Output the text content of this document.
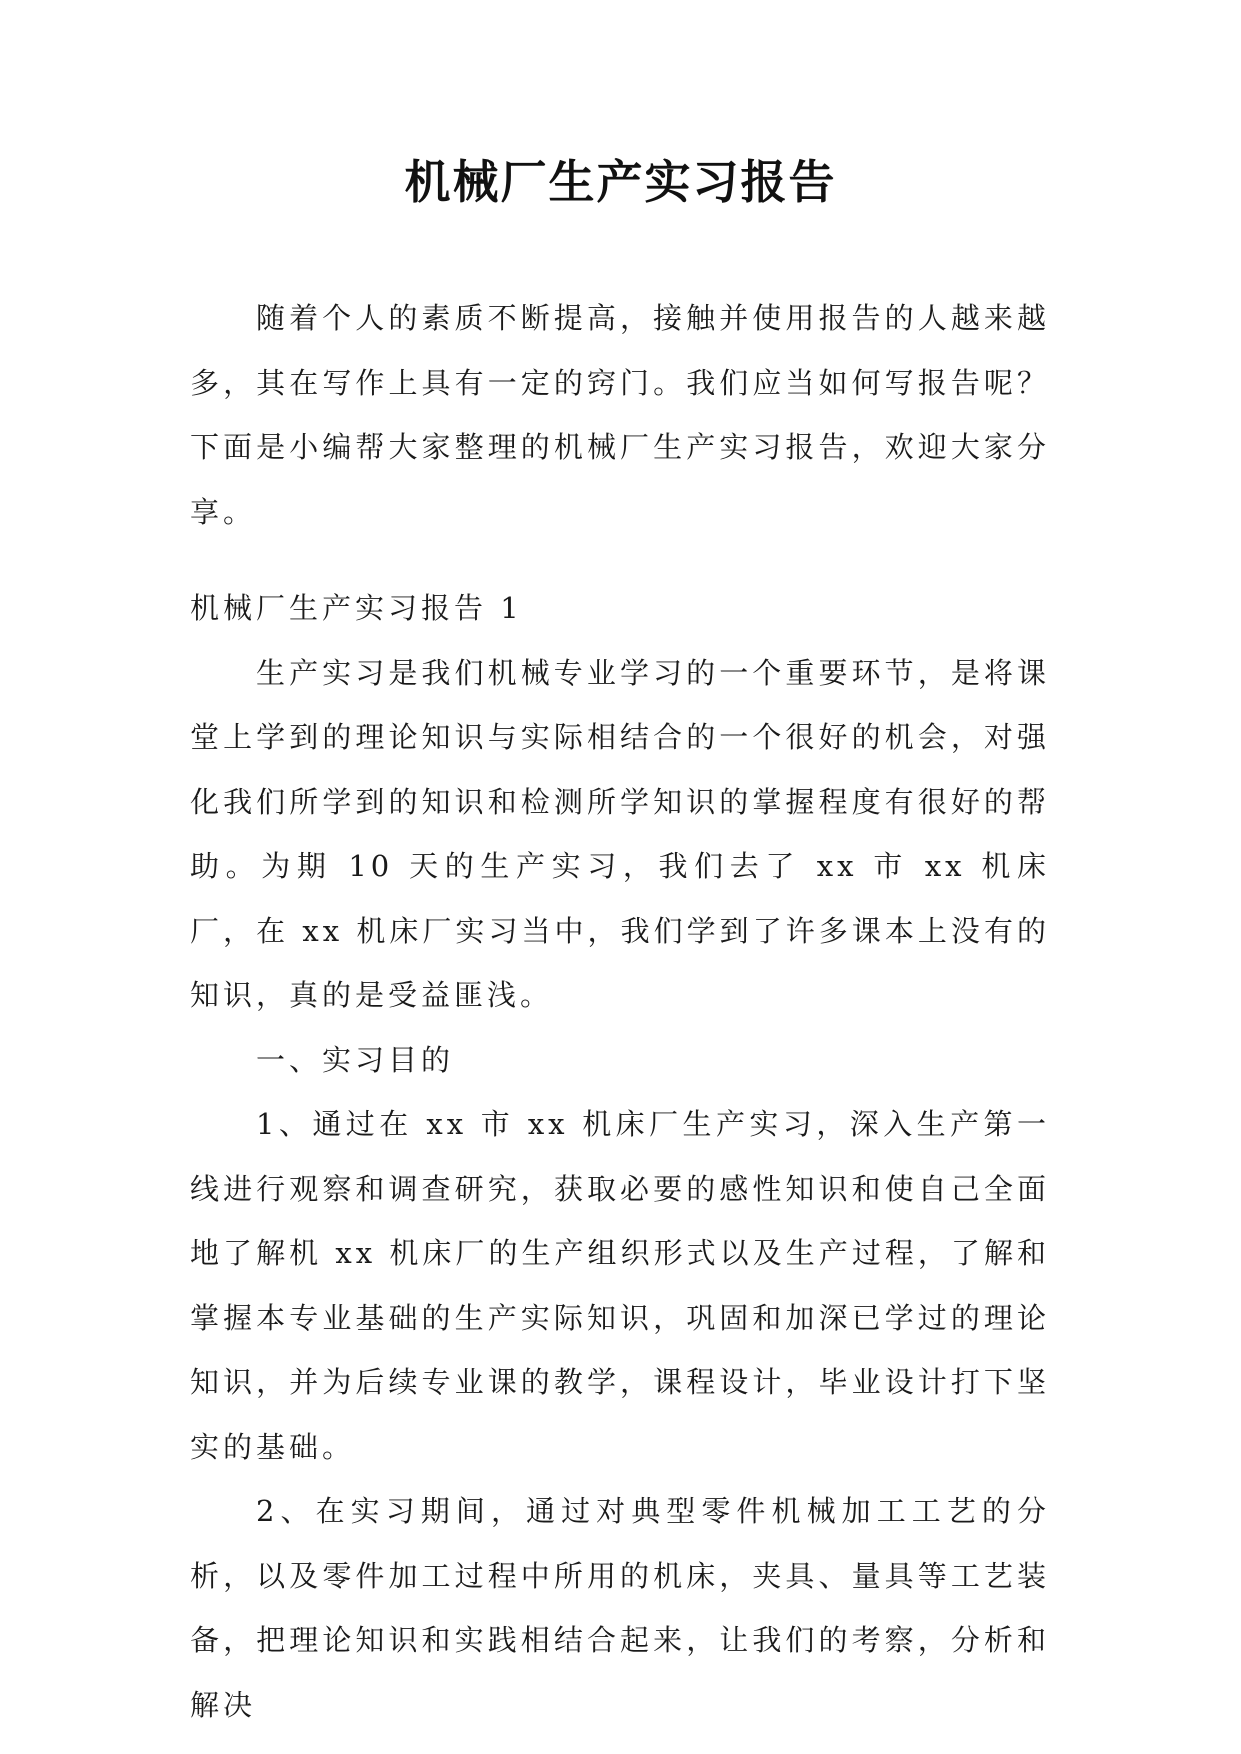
机械厂生产实习报告

随着个人的素质不断提高，接触并使用报告的人越来越多，其在写作上具有一定的窍门。我们应当如何写报告呢？下面是小编帮大家整理的机械厂生产实习报告，欢迎大家分享。

机械厂生产实习报告 1

生产实习是我们机械专业学习的一个重要环节，是将课堂上学到的理论知识与实际相结合的一个很好的机会，对强化我们所学到的知识和检测所学知识的掌握程度有很好的帮助。为期 10 天的生产实习，我们去了 xx 市 xx 机床厂，在 xx 机床厂实习当中，我们学到了许多课本上没有的知识，真的是受益匪浅。

一、实习目的

1、通过在 xx 市 xx 机床厂生产实习，深入生产第一线进行观察和调查研究，获取必要的感性知识和使自己全面地了解机 xx 机床厂的生产组织形式以及生产过程，了解和掌握本专业基础的生产实际知识，巩固和加深已学过的理论知识，并为后续专业课的教学，课程设计，毕业设计打下坚实的基础。

2、在实习期间，通过对典型零件机械加工工艺的分析，以及零件加工过程中所用的机床，夹具、量具等工艺装备，把理论知识和实践相结合起来，让我们的考察，分析和解决
